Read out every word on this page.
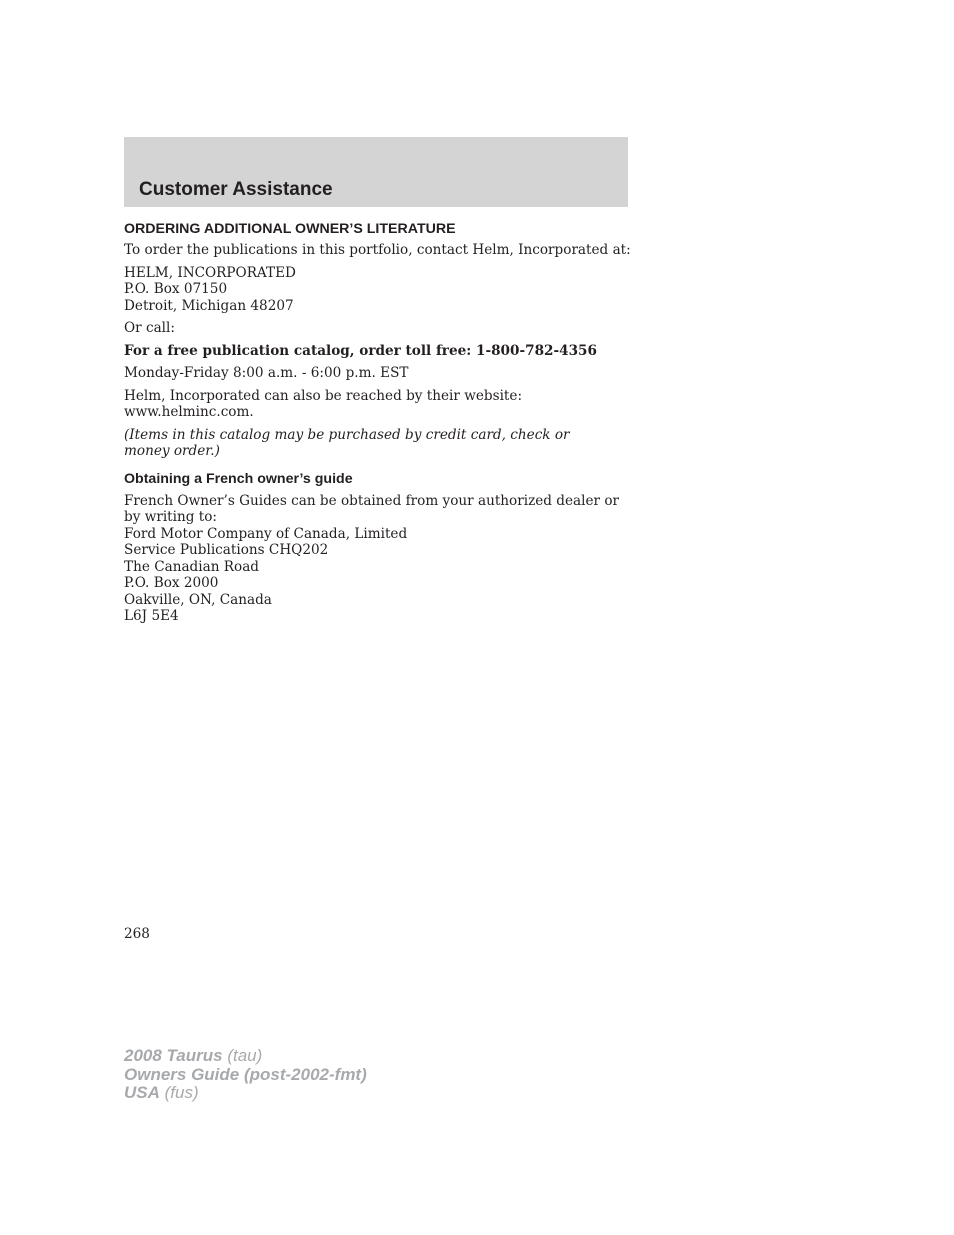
Customer Assistance
ORDERING ADDITIONAL OWNER’S LITERATURE

To order the publications in this portfolio, contact Helm, Incorporated at:

HELM, INCORPORATED
P.O. Box 07150
Detroit, Michigan 48207

Or call:

For a free publication catalog, order toll free: 1-800-782-4356

Monday-Friday 8:00 a.m. - 6:00 p.m. EST

Helm, Incorporated can also be reached by their website:
www.helminc.com.

(Items in this catalog may be purchased by credit card, check or
money order.)

Obtaining a French owner’s guide

French Owner’s Guides can be obtained from your authorized dealer or
by writing to:
Ford Motor Company of Canada, Limited
Service Publications CHQ202
The Canadian Road
P.O. Box 2000
Oakville, ON, Canada
L6J 5E4

268
2008 Taurus (tau)
Owners Guide (post-2002-fmt)
USA (fus)
